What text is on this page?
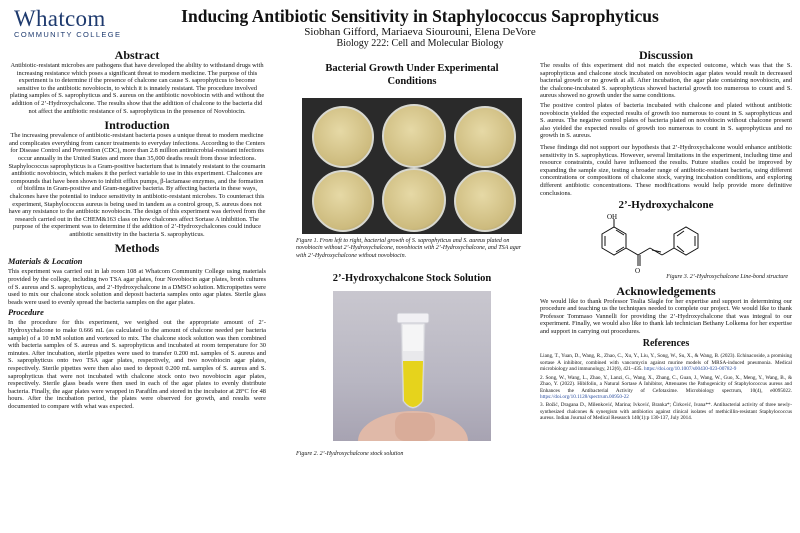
Whatcom
COMMUNITY COLLEGE
Inducing Antibiotic Sensitivity in Staphylococcus Saprophyticus
Siobhan Gifford, Mariaeva Siourouni, Elena DeVore
Biology 222: Cell and Molecular Biology
Abstract

Antibiotic-resistant microbes are pathogens that have developed the ability to withstand drugs with increasing resistance which poses a significant threat to modern medicine. The purpose of this experiment is to determine if the presence of chalcone can cause S. saprophyticus to become sensitive to the antibiotic novobiocin, to which it is innately resistant. The procedure involved plating samples of S. saprophyticus and S. aureus on the antibiotic novobiocin with and without the addition of 2’-Hydroxychalcone. The results show that the addition of chalcone to the bacteria did not affect the antibiotic resistance of S. saprophyticus in the presence of Novobiocin.

Introduction

The increasing prevalence of antibiotic-resistant bacteria poses a unique threat to modern medicine and complicates everything from cancer treatments to everyday infections. According to the Centers for Disease Control and Prevention (CDC), more than 2.8 million antimicrobial-resistant infections occur annually in the United States and more than 35,000 deaths result from those infections. Staphylococcus saprophyticus is a Gram-positive bacterium that is innately resistant to the coumarin antibiotic novobiocin, which makes it the perfect variable to use in this experiment. Chalcones are compounds that have been shown to inhibit efflux pumps, β-lactamase enzymes, and the formation of biofilms in Gram-positive and Gram-negative bacteria. By affecting bacteria in these ways, chalcones have the potential to induce sensitivity in antibiotic-resistant microbes. To counteract this experiment, Staphylococcus aureus is being used in tandem as a control group, S. aureus does not have any resistance to the antibiotic novobiocin. The design of this experiment was derived from the research carried out in the CHEM&163 class on how chalcones affect Sortase A inhibition. The purpose of the experiment was to determine if the addition of 2’-Hydroxychalcones could induce antibiotic sensitivity in the bacteria S. saprophyticus.

Methods
Materials & Location

This experiment was carried out in lab room 108 at Whatcom Community College using materials provided by the college, including two TSA agar plates, four Novobiocin agar plates, broth cultures of S. aureus and S. saprophyticus, and 2’-Hydroxychalcone in a DMSO solution. Micropipettes were used to mix our chalcone stock solution and deposit bacteria samples onto agar plates. Sterile glass beads were used to evenly spread the bacteria samples on the agar plates.

Procedure

In the procedure for this experiment, we weighed out the appropriate amount of 2’-Hydroxychalcone to make 0.666 mL (as calculated to the amount of chalcone needed per bacteria sample) of a 10 mM solution and vortexed to mix. The chalcone stock solution was then combined with bacteria samples of S. aureus and S. saprophyticus and incubated at room temperature for 30 minutes. After incubation, sterile pipettes were used to transfer 0.200 mL samples of S. aureus and S. saprophyticus onto two TSA agar plates, respectively, and two novobiocin agar plates, respectively. Sterile pipettes were then also used to deposit 0.200 mL samples of S. aureus and S. saprophyticus that were not incubated with chalcone stock onto two novobiocin agar plates, respectively. Sterile glass beads were then used in each of the agar plates to evenly distribute bacteria. Finally, the agar plates were wrapped in Parafilm and stored in the incubator at 28°C for 48 hours. After the incubation period, the plates were observed for growth, and results were documented to compare with what was expected.

Bacterial Growth Under Experimental Conditions

Figure 1. From left to right, bacterial growth of S. saprophyticus and S. aureus plated on novobiocin without 2’-Hydroxychalcone, novobiocin with 2’-Hydroxychalcone, and TSA agar with 2’-Hydroxychalcone without novobiocin.

2’-Hydroxychalcone Stock Solution

Figure 2. 2’-Hydroxychalcone stock solution

Discussion

The results of this experiment did not match the expected outcome, which was that the S. saprophyticus and chalcone stock incubated on novobiocin agar plates would result in decreased bacterial growth or no growth at all. After incubation, the agar plate containing novobiocin, and the chalcone-incubated S. saprophyticus showed bacterial growth too numerous to count and S. aureus showed no growth under the same conditions.

The positive control plates of bacteria incubated with chalcone and plated without antibiotic novobiocin yielded the expected results of growth too numerous to count in S. saprophyticus and S. aureus. The negative control plates of bacteria plated on novobiocin without chalcone present also yielded the expected results of growth too numerous to count in S. saprophyticus and no growth in S. aureus.

These findings did not support our hypothesis that 2’-Hydroxychalcone would enhance antibiotic sensitivity in S. saprophyticus. However, several limitations in the experiment, including time and resource constraints, could have influenced the results. Future studies could be improved by expanding the sample size, testing a broader range of antibiotic-resistant bacteria, using different concentrations or compositions of chalcone stock, varying incubation conditions, and exploring different antibiotic concentrations. These modifications would help provide more definitive conclusions.

2’-Hydroxychalcone
OH
O

Figure 3. 2’-Hydroxychalcone Line-bond structure

Acknowledgements

We would like to thank Professor Tealia Slagle for her expertise and support in determining our procedure and teaching us the techniques needed to complete our project. We would like to thank Professor Tommaso Vannelli for providing the 2’-Hydroxychalcone that was integral to our experiment. Finally, we would also like to thank lab technician Bethany Lolkema for her expertise and support in carrying out procedures.

References

Liang, T., Yuan, D., Wang, R., Zhao, C., Xu, Y., Liu, Y., Song, W., Su, X., & Wang, B. (2023). Echinacoside, a promising sortase A inhibitor, combined with vancomycin against murine models of MRSA-induced pneumonia. Medical microbiology and immunology, 212(6), 421–435. https://doi.org/10.1007/s00430-023-00782-9

2. Song, W., Wang, L., Zhao, Y., Lanzi, G., Wang, X., Zhang, C., Guan, J., Wang, W., Guo, X., Meng, Y., Wang, B., & Zhao, Y. (2022). Hibifolin, a Natural Sortase A Inhibitor, Attenuates the Pathogenicity of Staphylococcus aureus and Enhances the Antibacterial Activity of Cefotaxime. Microbiology spectrum, 10(4), e0095022. https://doi.org/10.1128/spectrum.00950-22

3. Božić, Dragana D., Milenković, Marina; Ivković, Branka*; Ćirković, Ivana**. Antibacterial activity of three newly-synthesized chalcones & synergism with antibiotics against clinical isolates of methicillin-resistant Staphylococcus aureus. Indian Journal of Medical Research 140(1):p 130-137, July 2014.
